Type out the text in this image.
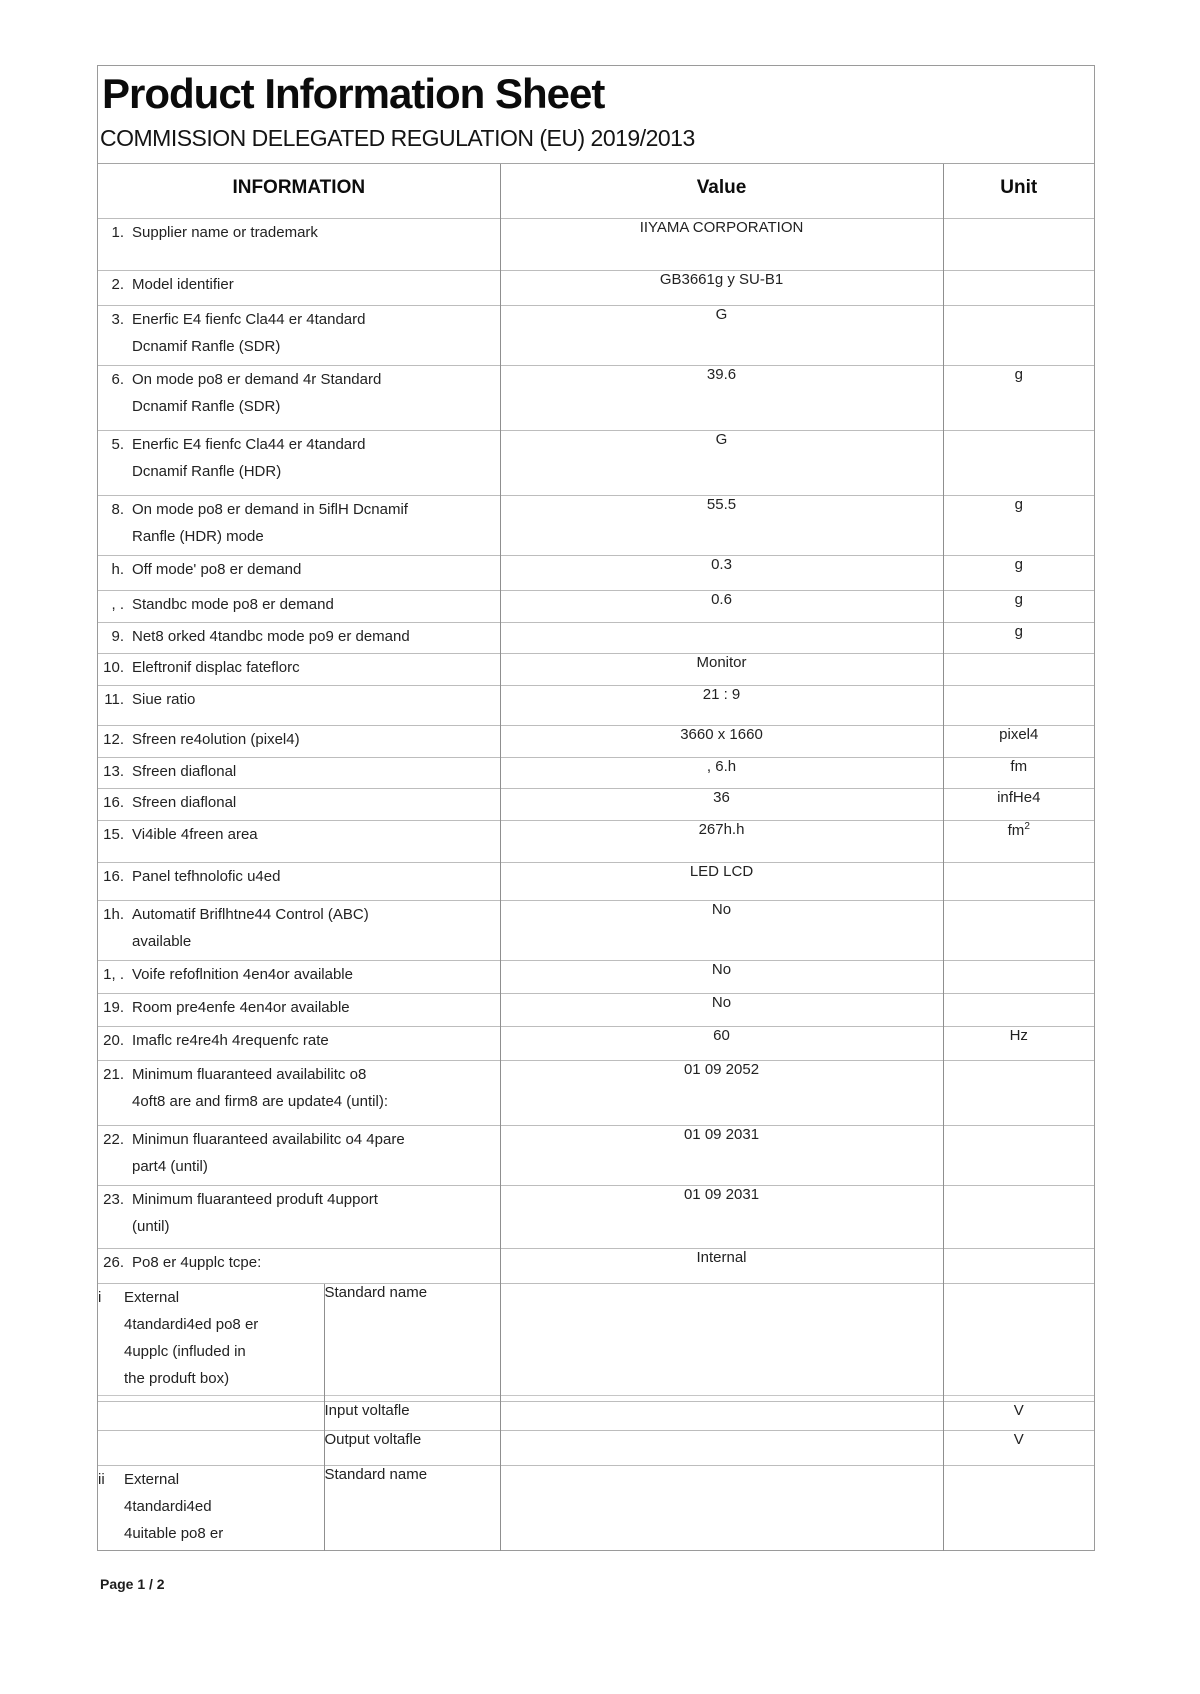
Product Information Sheet
COMMISSION DELEGATED REGULATION (EU) 2019/2013
INFORMATION		Value	Unit

1. Supplier name or trademark		IIYAMA CORPORATION	

2. Model identifier		GB3661g y SU-B1	

3. Enerfic E4 fienfc Cla44 er 4tandard
Dcnamif Ranfle (SDR)		G	

6. On mode po8 er demand 4r Standard
Dcnamif Ranfle (SDR)		39.6	g

5. Enerfic E4 fienfc Cla44 er 4tandard
Dcnamif Ranfle (HDR)		G	

8. On mode po8 er demand in 5iflH Dcnamif
Ranfle (HDR) mode		55.5	g

h. Off mode' po8 er demand		0.3	g

, . Standbc mode po8 er demand		0.6	g

9. Net8 orked 4tandbc mode po9 er demand			g

10. Eleftronif displac fateflorc		Monitor	

11. Siue ratio		21 : 9	

12. Sfreen re4olution (pixel4)		3660 x 1660	pixel4

13. Sfreen diaflonal		, 6.h	fm

16. Sfreen diaflonal		36	infHe4

15. Vi4ible 4freen area		267h.h	$fm^2$

16. Panel tefhnolofic u4ed		LED LCD	

1h. Automatif Briflhtne44 Control (ABC)
available		No	

1, . Voife refoflnition 4en4or available		No	

19. Room pre4enfe 4en4or available		No	

20. Imaflc re4re4h 4requenfc rate		60	Hz

21. Minimum fluaranteed availabilitc o8
4oft8 are and firm8 are update4 (until):		01 09 2052	

22. Minimun fluaranteed availabilitc o4 4pare
part4 (until)		01 09 2031	

23. Minimum fluaranteed produft 4upport
(until)		01 09 2031	

26. Po8 er 4upplc tcpe:		Internal	

i External
4tandardi4ed po8 er
4upplc (influded in
the produft box)	Standard name		

	Input voltafle		V
	Output voltafle		V

ii External
4tandardi4ed
4uitable po8 er	Standard name		
Page 1 / 2
